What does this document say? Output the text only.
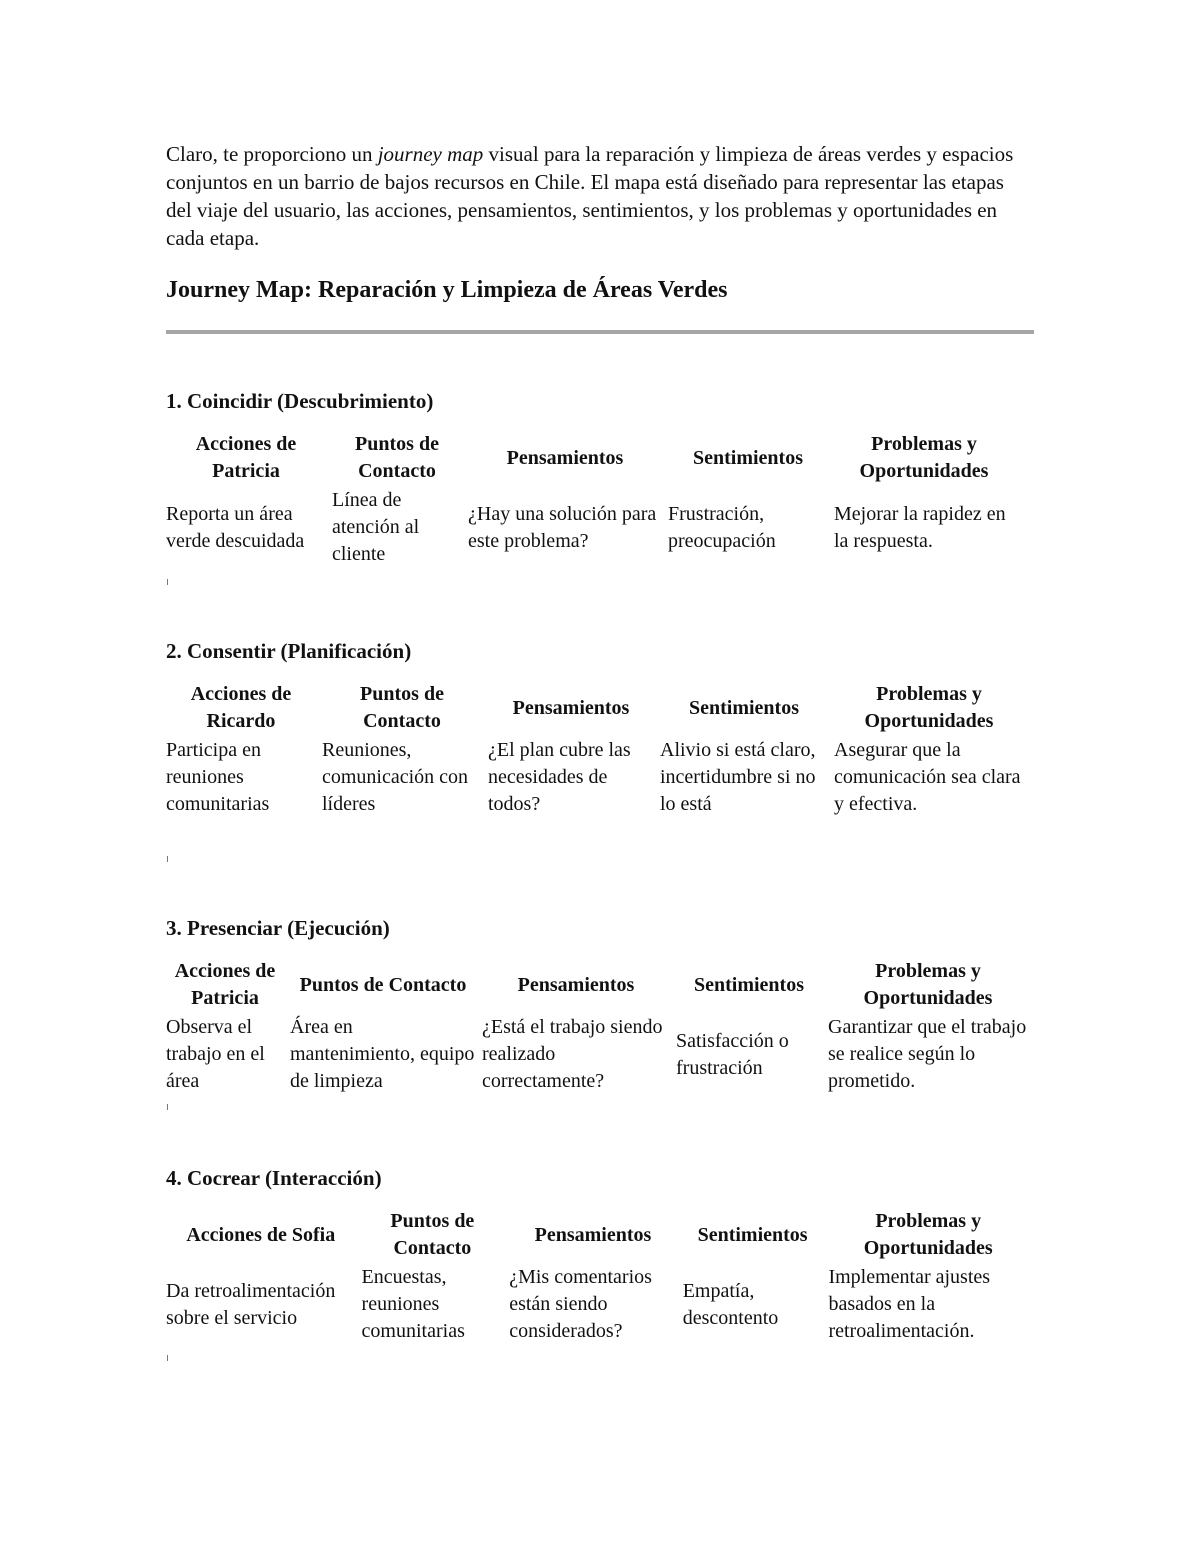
Claro, te proporciono un journey map visual para la reparación y limpieza de áreas verdes y espacios conjuntos en un barrio de bajos recursos en Chile. El mapa está diseñado para representar las etapas del viaje del usuario, las acciones, pensamientos, sentimientos, y los problemas y oportunidades en cada etapa.

Journey Map: Reparación y Limpieza de Áreas Verdes
1. Coincidir (Descubrimiento)
Acciones de Patricia	Puntos de Contacto	Pensamientos	Sentimientos	Problemas y Oportunidades
Reporta un área verde descuidada	Línea de atención al cliente	¿Hay una solución para este problema?	Frustración, preocupación	Mejorar la rapidez en la respuesta.
2. Consentir (Planificación)
Acciones de Ricardo	Puntos de Contacto	Pensamientos	Sentimientos	Problemas y Oportunidades
Participa en reuniones comunitarias	Reuniones, comunicación con líderes	¿El plan cubre las necesidades de todos?	Alivio si está claro, incertidumbre si no lo está	Asegurar que la comunicación sea clara y efectiva.
3. Presenciar (Ejecución)
Acciones de Patricia	Puntos de Contacto	Pensamientos	Sentimientos	Problemas y Oportunidades
Observa el trabajo en el área	Área en mantenimiento, equipo de limpieza	¿Está el trabajo siendo realizado correctamente?	Satisfacción o frustración	Garantizar que el trabajo se realice según lo prometido.
4. Cocrear (Interacción)
Acciones de Sofia	Puntos de Contacto	Pensamientos	Sentimientos	Problemas y Oportunidades
Da retroalimentación sobre el servicio	Encuestas, reuniones comunitarias	¿Mis comentarios están siendo considerados?	Empatía, descontento	Implementar ajustes basados en la retroalimentación.
